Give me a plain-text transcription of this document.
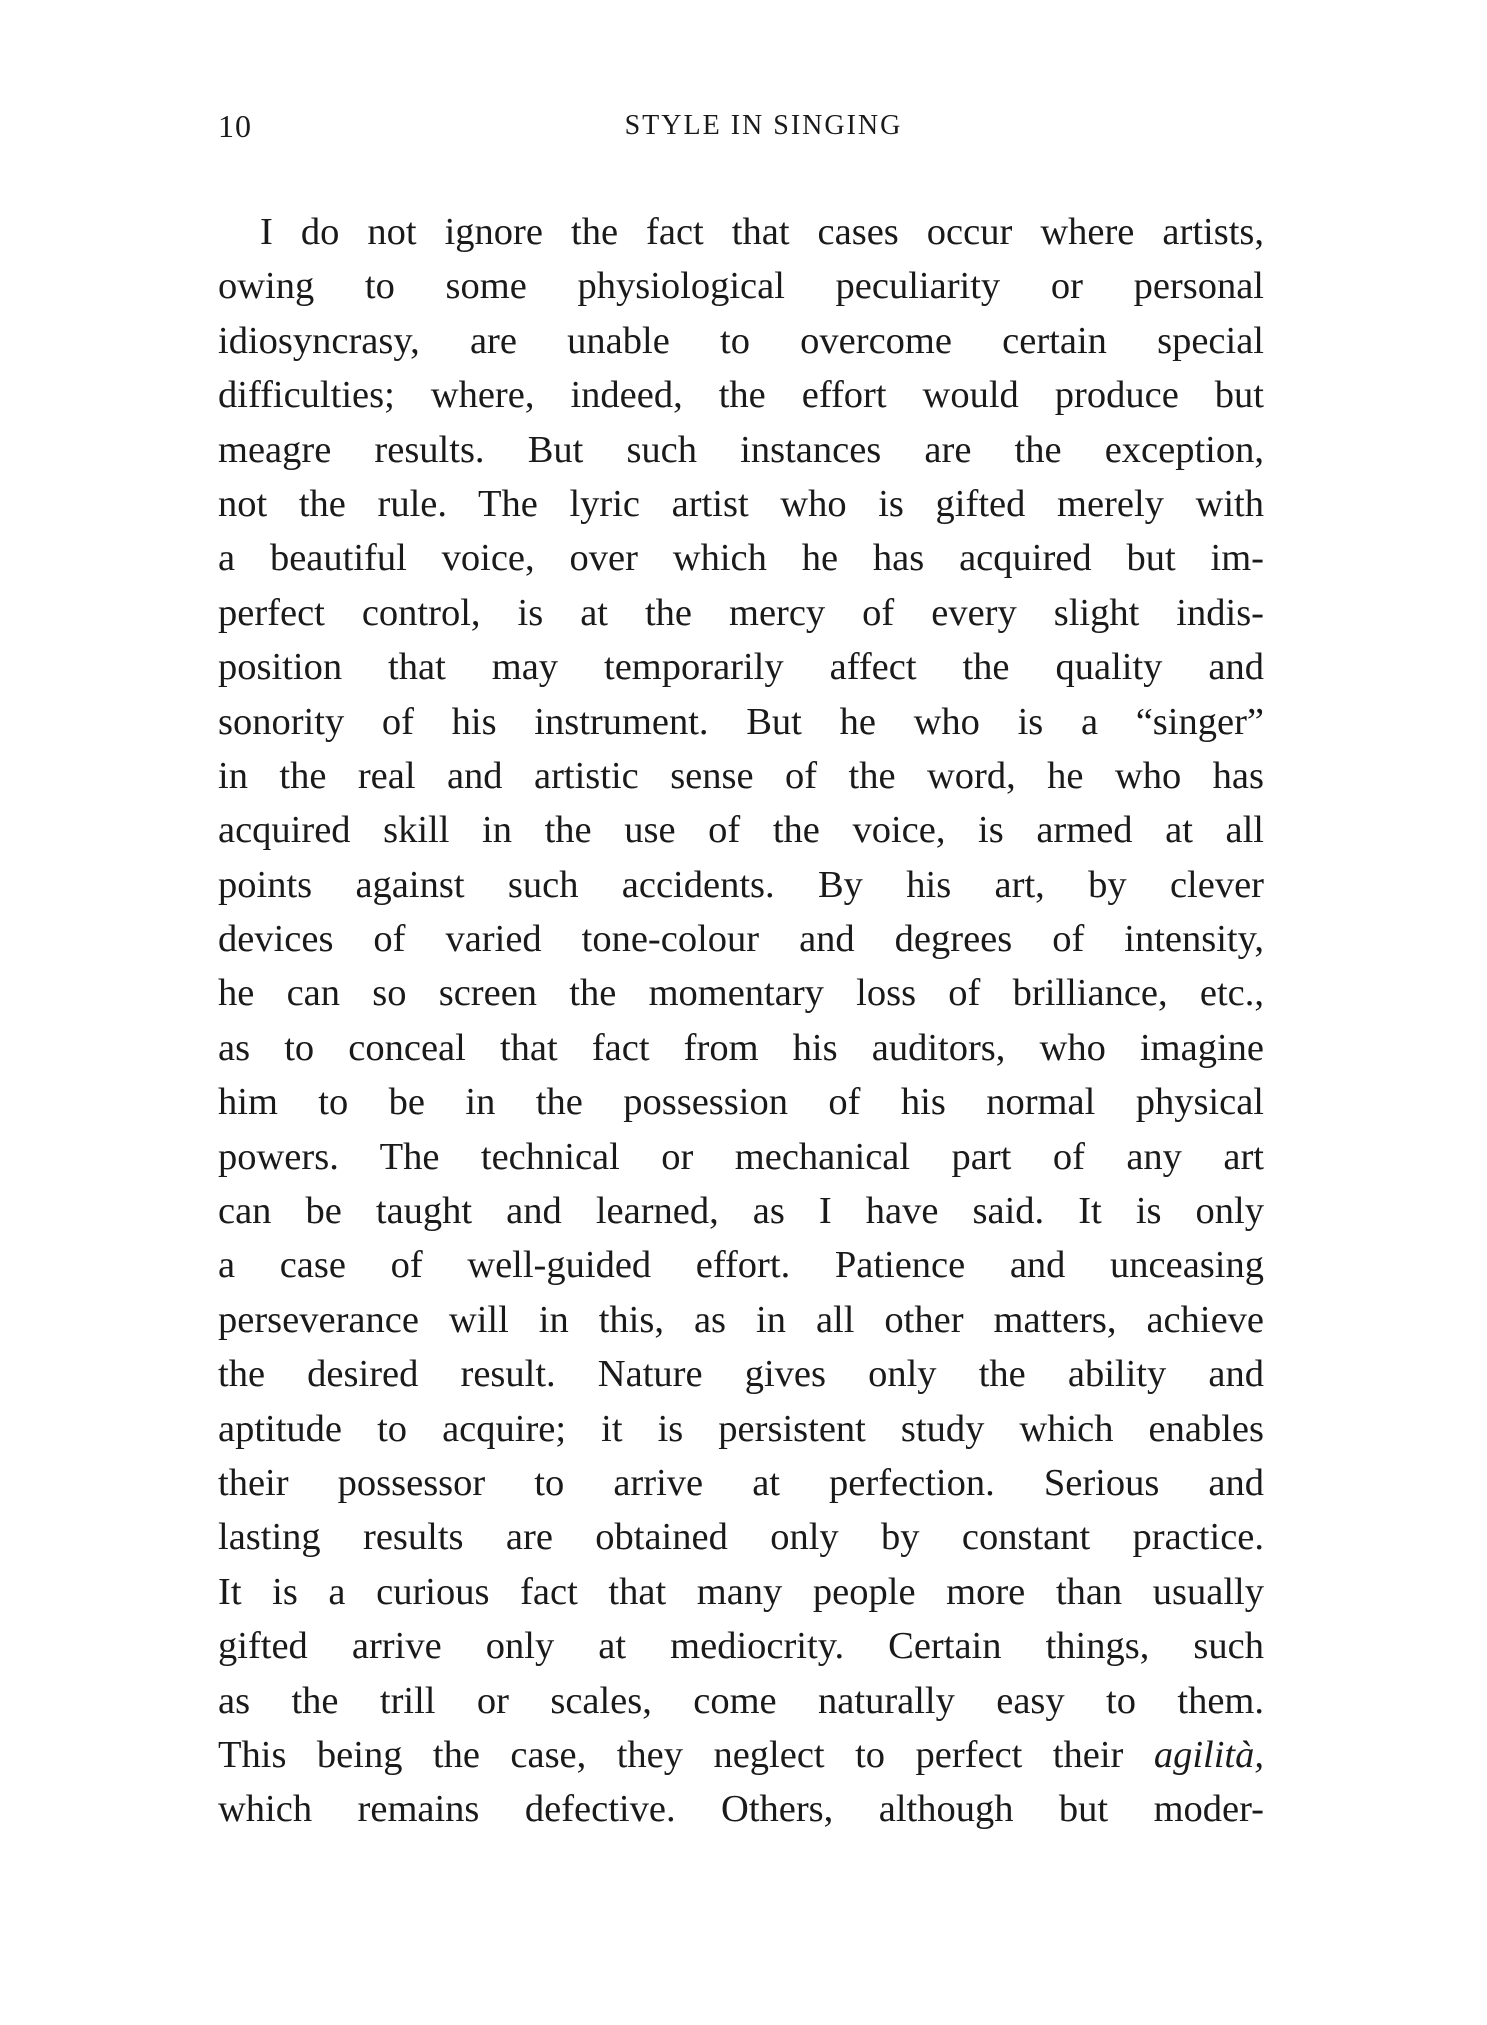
10	STYLE IN SINGING
I do not ignore the fact that cases occur where artists,
owing to some physiological peculiarity or personal
idiosyncrasy, are unable to overcome certain special
difficulties; where, indeed, the effort would produce but
meagre results. But such instances are the exception,
not the rule. The lyric artist who is gifted merely with
a beautiful voice, over which he has acquired but im-
perfect control, is at the mercy of every slight indis-
position that may temporarily affect the quality and
sonority of his instrument. But he who is a “singer”
in the real and artistic sense of the word, he who has
acquired skill in the use of the voice, is armed at all
points against such accidents. By his art, by clever
devices of varied tone-colour and degrees of intensity,
he can so screen the momentary loss of brilliance, etc.,
as to conceal that fact from his auditors, who imagine
him to be in the possession of his normal physical
powers. The technical or mechanical part of any art
can be taught and learned, as I have said. It is only
a case of well-guided effort. Patience and unceasing
perseverance will in this, as in all other matters, achieve
the desired result. Nature gives only the ability and
aptitude to acquire; it is persistent study which enables
their possessor to arrive at perfection. Serious and
lasting results are obtained only by constant practice.
It is a curious fact that many people more than usually
gifted arrive only at mediocrity. Certain things, such
as the trill or scales, come naturally easy to them.
This being the case, they neglect to perfect their agilità,
which remains defective. Others, although but moder-
